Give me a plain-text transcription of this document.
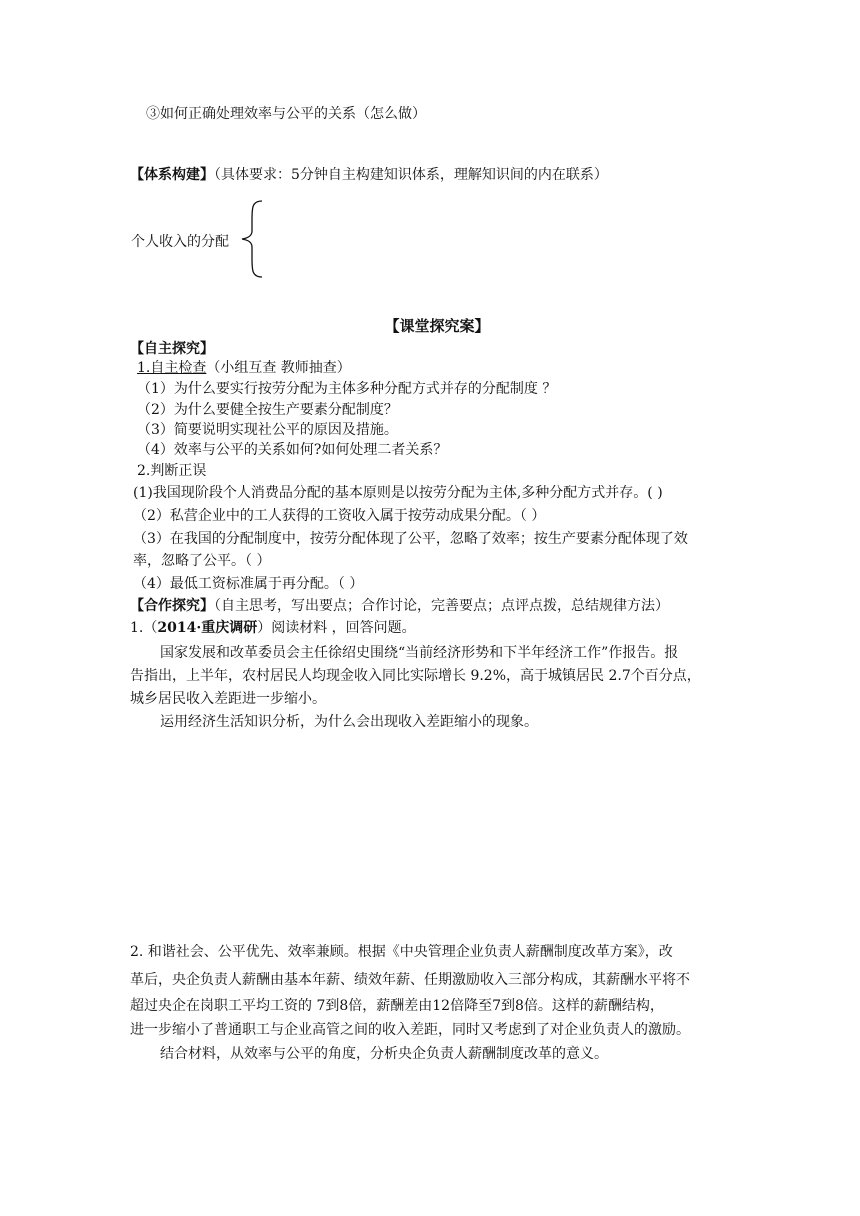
③如何正确处理效率与公平的关系（怎么做）
【体系构建】（具体要求：5分钟自主构建知识体系，理解知识间的内在联系）
个人收入的分配
【课堂探究案】
【自主探究】
1.自主检查（小组互查 教师抽查）
（1）为什么要实行按劳分配为主体多种分配方式并存的分配制度 ？
（2）为什么要健全按生产要素分配制度？
（3）简要说明实现社公平的原因及措施。
（4）效率与公平的关系如何?如何处理二者关系？
2.判断正误
(1)我国现阶段个人消费品分配的基本原则是以按劳分配为主体,多种分配方式并存。( )
（2）私营企业中的工人获得的工资收入属于按劳动成果分配。（ ）
（3）在我国的分配制度中，按劳分配体现了公平，忽略了效率；按生产要素分配体现了效
率，忽略了公平。（ ）
（4）最低工资标准属于再分配。（ ）
【合作探究】（自主思考，写出要点；合作讨论，完善要点；点评点拨，总结规律方法）
1.（2014·重庆调研）阅读材料 ，回答问题。
国家发展和改革委员会主任徐绍史围绕“当前经济形势和下半年经济工作”作报告。报
告指出，上半年，农村居民人均现金收入同比实际增长 9.2%，高于城镇居民 2.7个百分点，
城乡居民收入差距进一步缩小。
运用经济生活知识分析，为什么会出现收入差距缩小的现象。
2. 和谐社会、公平优先、效率兼顾。根据《中央管理企业负责人薪酬制度改革方案》，改
革后，央企负责人薪酬由基本年薪、绩效年薪、任期激励收入三部分构成，其薪酬水平将不
超过央企在岗职工平均工资的 7到8倍，薪酬差由12倍降至7到8倍。这样的薪酬结构，
进一步缩小了普通职工与企业高管之间的收入差距，同时又考虑到了对企业负责人的激励。
结合材料，从效率与公平的角度，分析央企负责人薪酬制度改革的意义。
